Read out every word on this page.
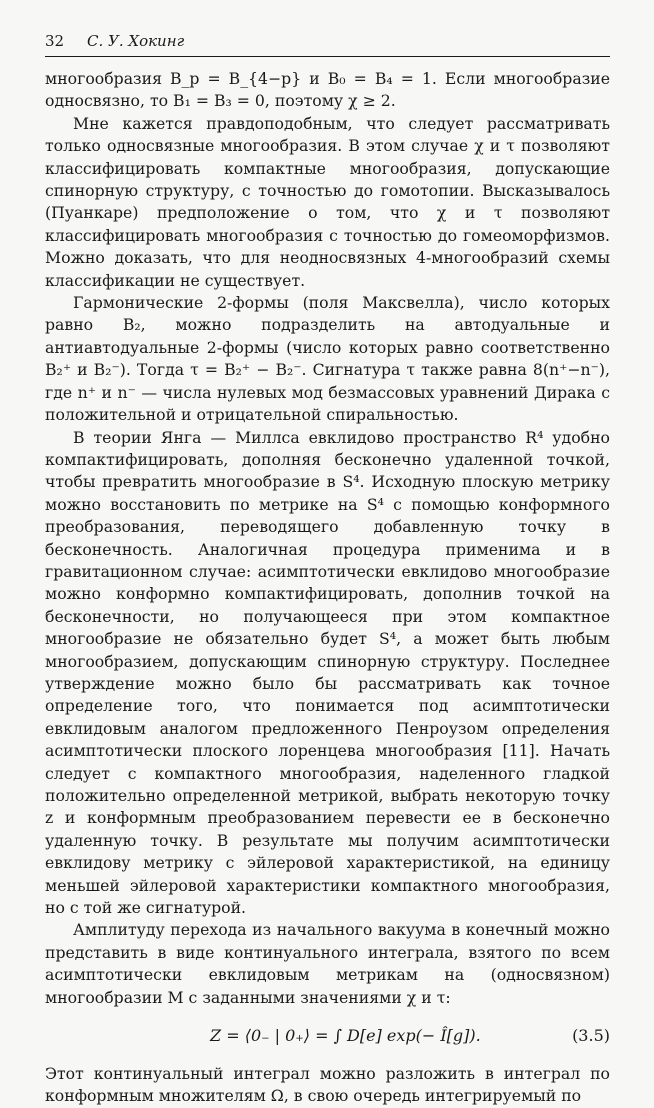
32 С. У. Хокинг

многообразия B_p = B_{4−p} и B₀ = B₄ = 1. Если многообразие односвязно, то B₁ = B₃ = 0, поэтому χ ≥ 2.

Мне кажется правдоподобным, что следует рассматривать только односвязные многообразия. В этом случае χ и τ позволяют классифицировать компактные многообразия, допускающие спинорную структуру, с точностью до гомотопии. Высказывалось (Пуанкаре) предположение о том, что χ и τ позволяют классифицировать многообразия с точностью до гомеоморфизмов. Можно доказать, что для неодносвязных 4-многообразий схемы классификации не существует.

Гармонические 2-формы (поля Максвелла), число которых равно B₂, можно подразделить на автодуальные и антиавтодуальные 2-формы (число которых равно соответственно B₂⁺ и B₂⁻). Тогда τ = B₂⁺ − B₂⁻. Сигнатура τ также равна 8(n⁺−n⁻), где n⁺ и n⁻ — числа нулевых мод безмассовых уравнений Дирака с положительной и отрицательной спиральностью.

В теории Янга — Миллса евклидово пространство R⁴ удобно компактифицировать, дополняя бесконечно удаленной точкой, чтобы превратить многообразие в S⁴. Исходную плоскую метрику можно восстановить по метрике на S⁴ с помощью конформного преобразования, переводящего добавленную точку в бесконечность. Аналогичная процедура применима и в гравитационном случае: асимптотически евклидово многообразие можно конформно компактифицировать, дополнив точкой на бесконечности, но получающееся при этом компактное многообразие не обязательно будет S⁴, а может быть любым многообразием, допускающим спинорную структуру. Последнее утверждение можно было бы рассматривать как точное определение того, что понимается под асимптотически евклидовым аналогом предложенного Пенроузом определения асимптотически плоского лоренцева многообразия [11]. Начать следует с компактного многообразия, наделенного гладкой положительно определенной метрикой, выбрать некоторую точку z и конформным преобразованием перевести ее в бесконечно удаленную точку. В результате мы получим асимптотически евклидову метрику с эйлеровой характеристикой, на единицу меньшей эйлеровой характеристики компактного многообразия, но с той же сигнатурой.

Амплитуду перехода из начального вакуума в конечный можно представить в виде континуального интеграла, взятого по всем асимптотически евклидовым метрикам на (односвязном) многообразии M с заданными значениями χ и τ:

Z = ⟨0₋ | 0₊⟩ = ∫ D[e] exp(− Î[g]).	(3.5)

Этот континуальный интеграл можно разложить в интеграл по конформным множителям Ω, в свою очередь интегрируемый по
